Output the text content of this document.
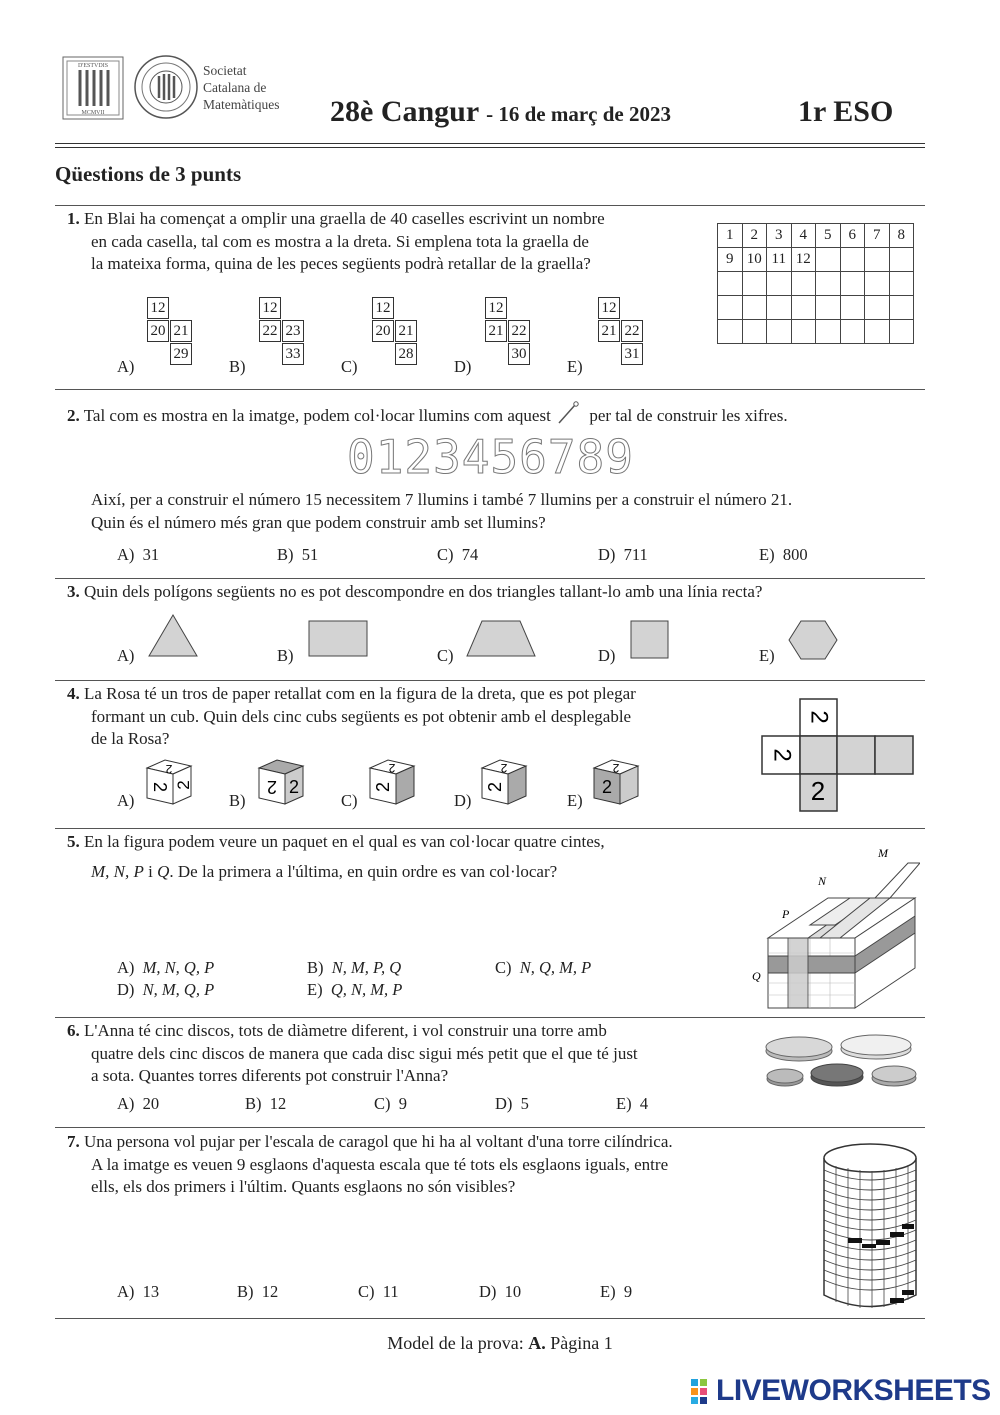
D'ESTVDIS
MCMVII
Societat
Catalana de
Matemàtiques 28è Cangur - 16 de març de 2023	1r ESO
Qüestions de 3 punts
1. En Blai ha començat a omplir una graella de 40 caselles escrivint un nombre
en cada casella, tal com es mostra a la dreta. Si emplena tota la graella de
la mateixa forma, quina de les peces següents podrà retallar de la graella?
1	2	3	4	5	6	7	8
9	10	11	12				

A)
12
20 21
29
B)
12
22 23
33
C)
12
20 21
28
D)
12
21 22
30
E)
12
21 22
31
2. Tal com es mostra en la imatge, podem col·locar llumins com aquest per tal de construir les xifres.
0123456789
Així, per a construir el número 15 necessitem 7 llumins i també 7 llumins per a construir el número 21.
Quin és el número més gran que podem construir amb set llumins?
A) 31	B) 51	C) 74	D) 711	E) 800
3. Quin dels polígons següents no es pot descompondre en dos triangles tallant-lo amb una línia recta?
A)	B)	C)	D)	E)
4. La Rosa té un tros de paper retallat com en la figura de la dreta, que es pot plegar
formant un cub. Quin dels cinc cubs següents es pot obtenir amb el desplegable
de la Rosa?
2
2
2
A)
2
2 2
B)
2 2
C)
2
2
D)
2
2
E)
2
2
5. En la figura podem veure un paquet en el qual es van col·locar quatre cintes,
M, N, P i Q. De la primera a l'última, en quin ordre es van col·locar?
M
N
P
Q
A) M, N, Q, P	B) N, M, P, Q	C) N, Q, M, P
D) N, M, Q, P	E) Q, N, M, P
6. L'Anna té cinc discos, tots de diàmetre diferent, i vol construir una torre amb
quatre dels cinc discos de manera que cada disc sigui més petit que el que té just
a sota. Quantes torres diferents pot construir l'Anna?
A) 20	B) 12	C) 9	D) 5	E) 4
7. Una persona vol pujar per l'escala de caragol que hi ha al voltant d'una torre cilíndrica.
A la imatge es veuen 9 esglaons d'aquesta escala que té tots els esglaons iguals, entre
ells, els dos primers i l'últim. Quants esglaons no són visibles?
A) 13	B) 12	C) 11	D) 10	E) 9
Model de la prova: A. Pàgina 1
LIVEWORKSHEETS
